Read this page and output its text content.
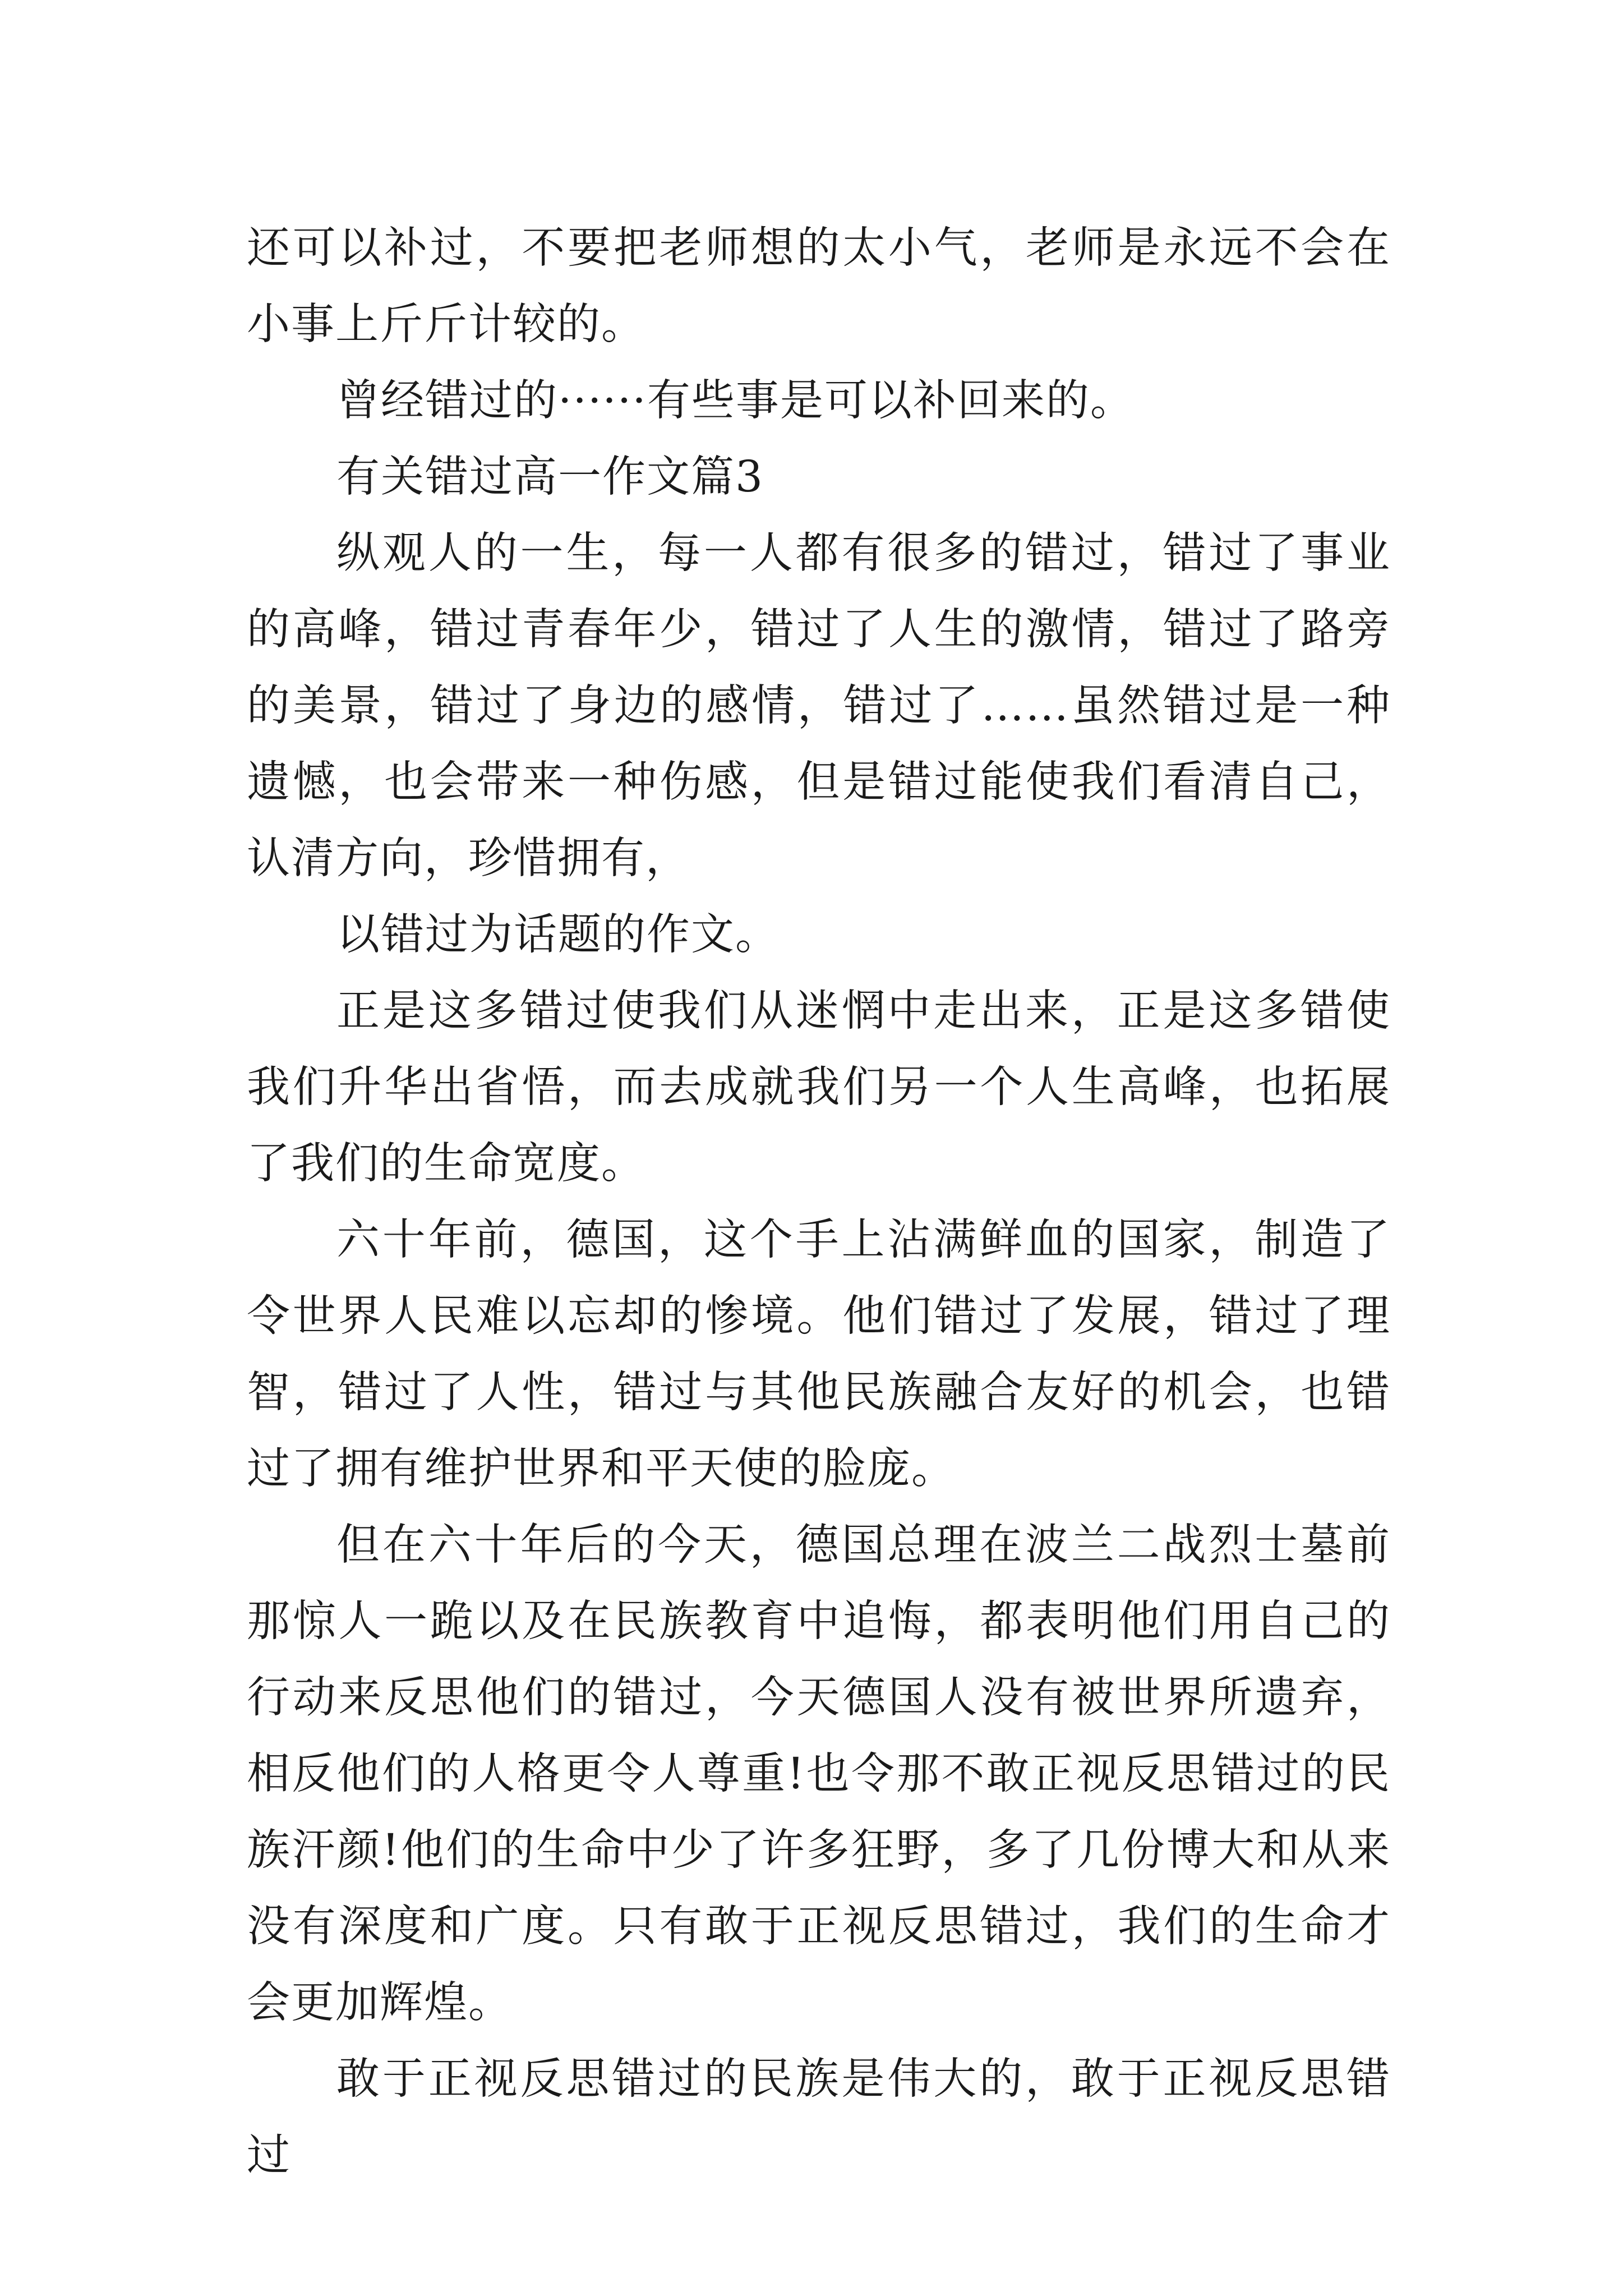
还可以补过，不要把老师想的太小气，老师是永远不会在小事上斤斤计较的。

曾经错过的······有些事是可以补回来的。

有关错过高一作文篇3

纵观人的一生，每一人都有很多的错过，错过了事业的高峰，错过青春年少，错过了人生的激情，错过了路旁的美景，错过了身边的感情，错过了……虽然错过是一种遗憾，也会带来一种伤感，但是错过能使我们看清自己，认清方向，珍惜拥有，

以错过为话题的作文。

正是这多错过使我们从迷惘中走出来，正是这多错使我们升华出省悟，而去成就我们另一个人生高峰，也拓展了我们的生命宽度。

六十年前，德国，这个手上沾满鲜血的国家，制造了令世界人民难以忘却的惨境。他们错过了发展，错过了理智，错过了人性，错过与其他民族融合友好的机会，也错过了拥有维护世界和平天使的脸庞。

但在六十年后的今天，德国总理在波兰二战烈士墓前那惊人一跪以及在民族教育中追悔，都表明他们用自己的行动来反思他们的错过，今天德国人没有被世界所遗弃，相反他们的人格更令人尊重!也令那不敢正视反思错过的民族汗颜!他们的生命中少了许多狂野，多了几份博大和从来没有深度和广度。只有敢于正视反思错过，我们的生命才会更加辉煌。

敢于正视反思错过的民族是伟大的，敢于正视反思错过
